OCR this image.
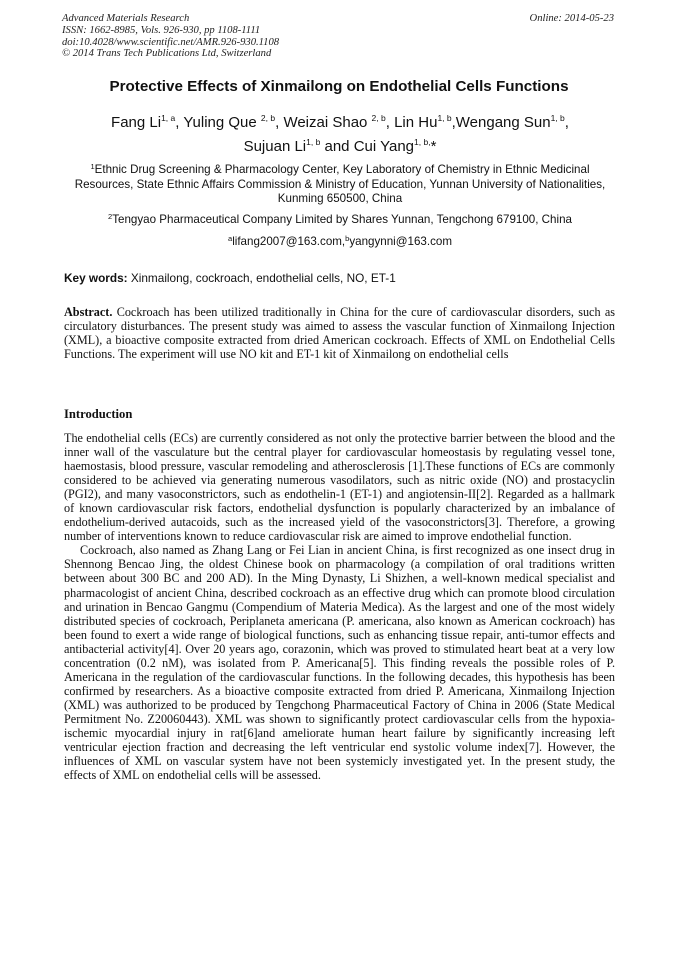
Advanced Materials Research
ISSN: 1662-8985, Vols. 926-930, pp 1108-1111
doi:10.4028/www.scientific.net/AMR.926-930.1108
© 2014 Trans Tech Publications Ltd, Switzerland
Online: 2014-05-23
Protective Effects of Xinmailong on Endothelial Cells Functions
Fang Li$^{1, a}$, Yuling Que $^{2, b}$, Weizai Shao $^{2, b}$, Lin Hu$^{1, b}$,Wengang Sun$^{1, b}$,
Sujuan Li$^{1, b}$ and Cui Yang$^{1, b,}$*
$^1$Ethnic Drug Screening & Pharmacology Center, Key Laboratory of Chemistry in Ethnic Medicinal Resources, State Ethnic Affairs Commission & Ministry of Education, Yunnan University of Nationalities, Kunming 650500, China
$^2$Tengyao Pharmaceutical Company Limited by Shares Yunnan, Tengchong 679100, China
$^a$lifang2007@163.com,$^b$yangynni@163.com
Key words: Xinmailong, cockroach, endothelial cells, NO, ET-1
Abstract. Cockroach has been utilized traditionally in China for the cure of cardiovascular disorders, such as circulatory disturbances. The present study was aimed to assess the vascular function of Xinmailong Injection (XML), a bioactive composite extracted from dried American cockroach. Effects of XML on Endothelial Cells Functions. The experiment will use NO kit and ET-1 kit of Xinmailong on endothelial cells
Introduction

The endothelial cells (ECs) are currently considered as not only the protective barrier between the blood and the inner wall of the vasculature but the central player for cardiovascular homeostasis by regulating vessel tone, haemostasis, blood pressure, vascular remodeling and atherosclerosis [1].These functions of ECs are commonly considered to be achieved via generating numerous vasodilators, such as nitric oxide (NO) and prostacyclin (PGI2), and many vasoconstrictors, such as endothelin-1 (ET-1) and angiotensin-II[2]. Regarded as a hallmark of known cardiovascular risk factors, endothelial dysfunction is popularly characterized by an imbalance of endothelium-derived autacoids, such as the increased yield of the vasoconstrictors[3]. Therefore, a growing number of interventions known to reduce cardiovascular risk are aimed to improve endothelial function.

Cockroach, also named as Zhang Lang or Fei Lian in ancient China, is first recognized as one insect drug in Shennong Bencao Jing, the oldest Chinese book on pharmacology (a compilation of oral traditions written between about 300 BC and 200 AD). In the Ming Dynasty, Li Shizhen, a well-known medical specialist and pharmacologist of ancient China, described cockroach as an effective drug which can promote blood circulation and urination in Bencao Gangmu (Compendium of Materia Medica). As the largest and one of the most widely distributed species of cockroach, Periplaneta americana (P. americana, also known as American cockroach) has been found to exert a wide range of biological functions, such as enhancing tissue repair, anti-tumor effects and antibacterial activity[4]. Over 20 years ago, corazonin, which was proved to stimulated heart beat at a very low concentration (0.2 nM), was isolated from P. Americana[5]. This finding reveals the possible roles of P. Americana in the regulation of the cardiovascular functions. In the following decades, this hypothesis has been confirmed by researchers. As a bioactive composite extracted from dried P. Americana, Xinmailong Injection (XML) was authorized to be produced by Tengchong Pharmaceutical Factory of China in 2006 (State Medical Permitment No. Z20060443). XML was shown to significantly protect cardiovascular cells from the hypoxia-ischemic myocardial injury in rat[6]and ameliorate human heart failure by significantly increasing left ventricular ejection fraction and decreasing the left ventricular end systolic volume index[7]. However, the influences of XML on vascular system have not been systemicly investigated yet. In the present study, the effects of XML on endothelial cells will be assessed.
